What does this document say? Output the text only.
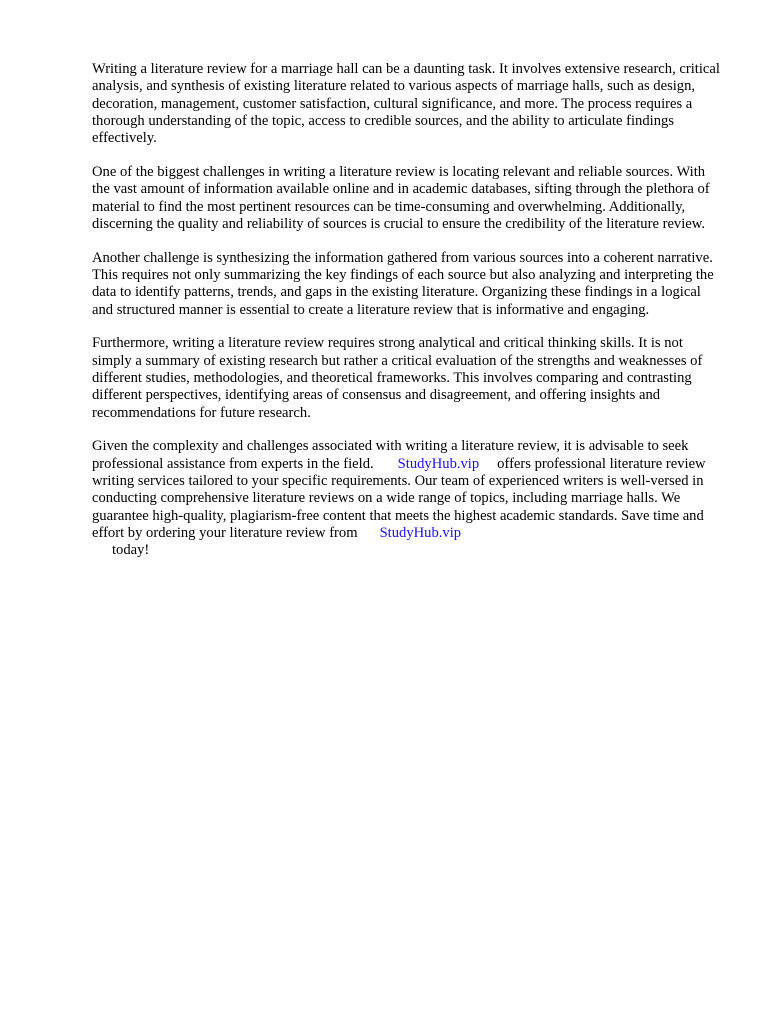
Writing a literature review for a marriage hall can be a daunting task. It involves extensive research, critical analysis, and synthesis of existing literature related to various aspects of marriage halls, such as design, decoration, management, customer satisfaction, cultural significance, and more. The process requires a thorough understanding of the topic, access to credible sources, and the ability to articulate findings effectively.

One of the biggest challenges in writing a literature review is locating relevant and reliable sources. With the vast amount of information available online and in academic databases, sifting through the plethora of material to find the most pertinent resources can be time-consuming and overwhelming. Additionally, discerning the quality and reliability of sources is crucial to ensure the credibility of the literature review.

Another challenge is synthesizing the information gathered from various sources into a coherent narrative. This requires not only summarizing the key findings of each source but also analyzing and interpreting the data to identify patterns, trends, and gaps in the existing literature. Organizing these findings in a logical and structured manner is essential to create a literature review that is informative and engaging.

Furthermore, writing a literature review requires strong analytical and critical thinking skills. It is not simply a summary of existing research but rather a critical evaluation of the strengths and weaknesses of different studies, methodologies, and theoretical frameworks. This involves comparing and contrasting different perspectives, identifying areas of consensus and disagreement, and offering insights and recommendations for future research.

Given the complexity and challenges associated with writing a literature review, it is advisable to seek professional assistance from experts in the field. StudyHub.vip offers professional literature review writing services tailored to your specific requirements. Our team of experienced writers is well-versed in conducting comprehensive literature reviews on a wide range of topics, including marriage halls. We guarantee high-quality, plagiarism-free content that meets the highest academic standards. Save time and effort by ordering your literature review from StudyHub.vip
today!
